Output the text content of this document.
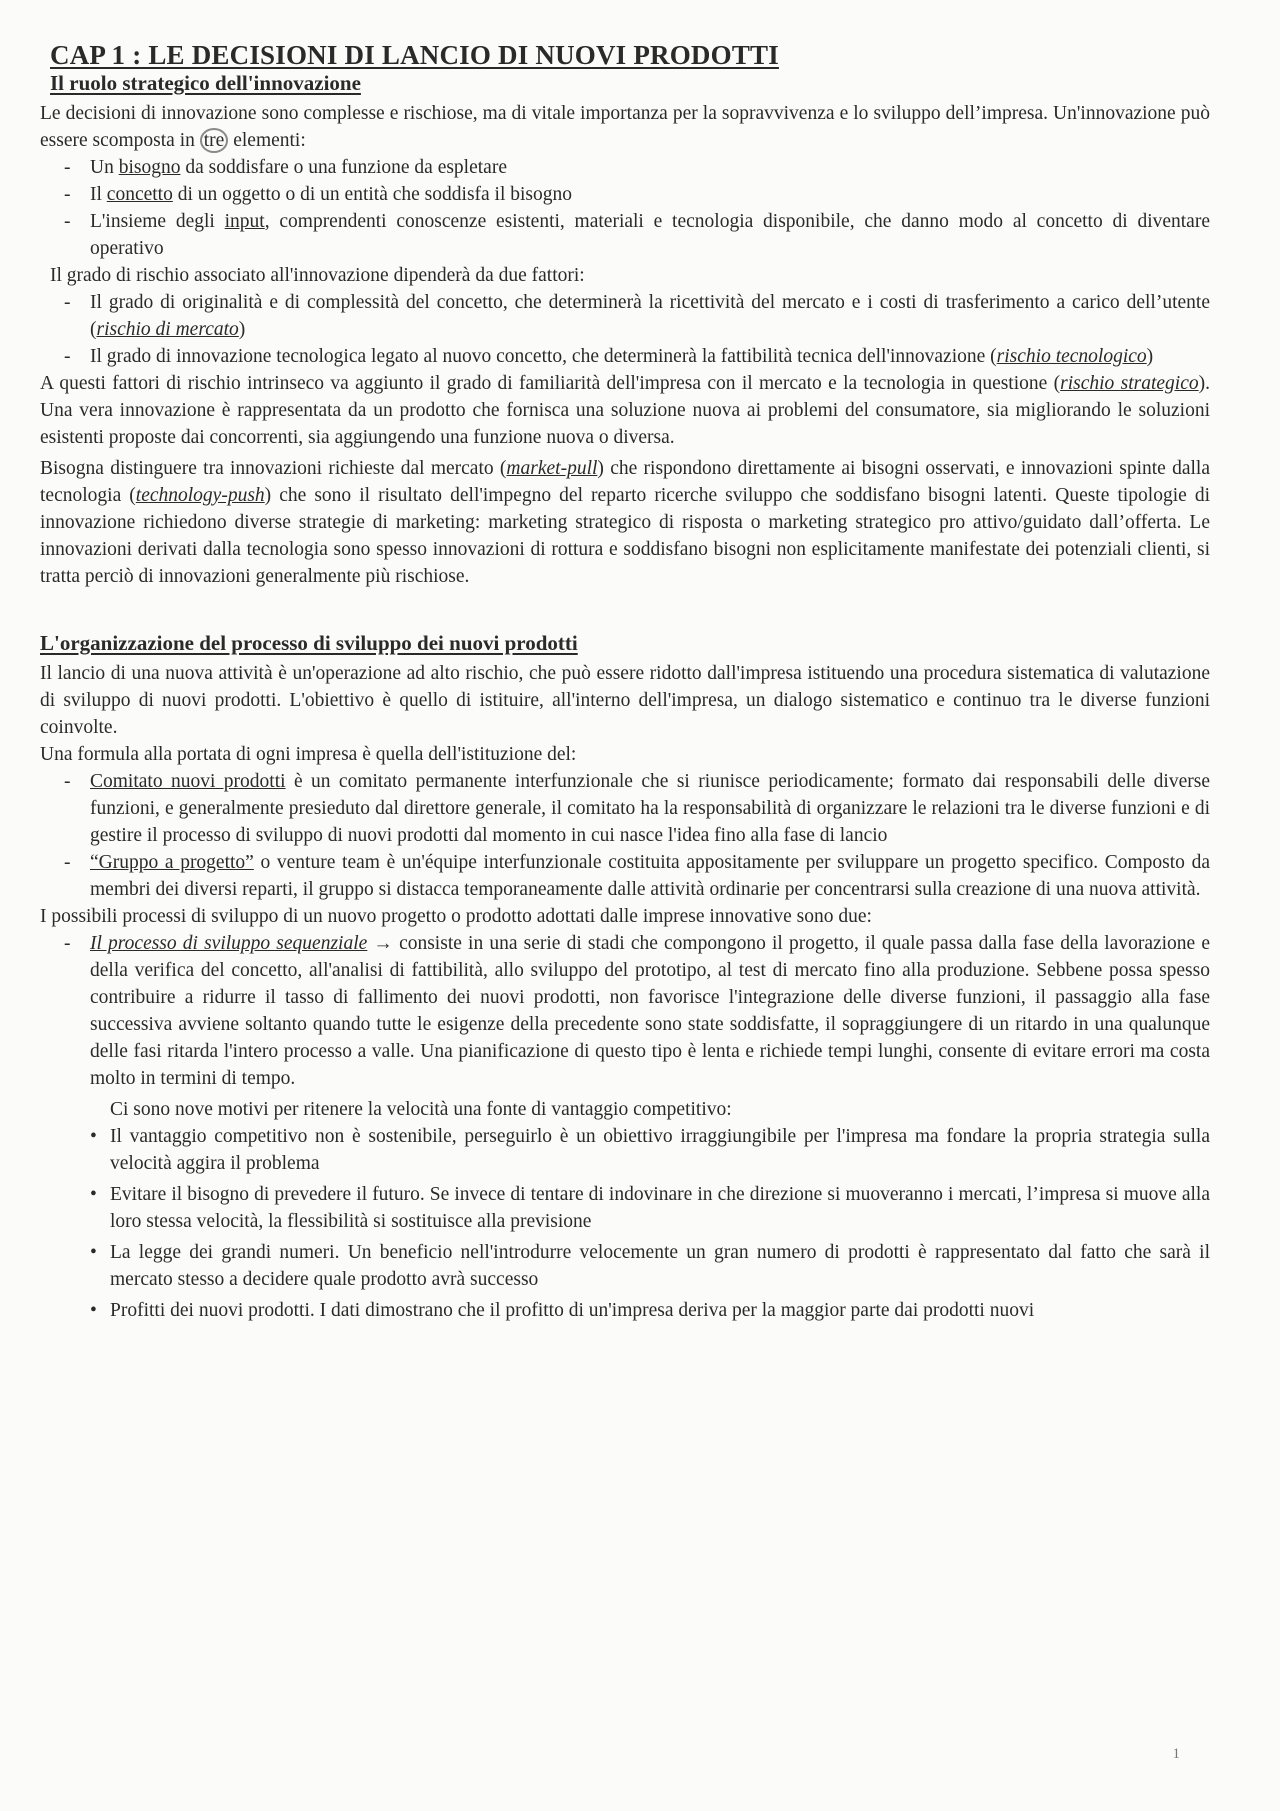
CAP 1 : LE DECISIONI DI LANCIO DI NUOVI PRODOTTI
Il ruolo strategico dell'innovazione

Le decisioni di innovazione sono complesse e rischiose, ma di vitale importanza per la sopravvivenza e lo sviluppo dell’impresa. Un'innovazione può essere scomposta in tre elementi:

- Un bisogno da soddisfare o una funzione da espletare
- Il concetto di un oggetto o di un entità che soddisfa il bisogno
- L'insieme degli input, comprendenti conoscenze esistenti, materiali e tecnologia disponibile, che danno modo al concetto di diventare operativo

Il grado di rischio associato all'innovazione dipenderà da due fattori:

- Il grado di originalità e di complessità del concetto, che determinerà la ricettività del mercato e i costi di trasferimento a carico dell’utente (rischio di mercato)
- Il grado di innovazione tecnologica legato al nuovo concetto, che determinerà la fattibilità tecnica dell'innovazione (rischio tecnologico)

A questi fattori di rischio intrinseco va aggiunto il grado di familiarità dell'impresa con il mercato e la tecnologia in questione (rischio strategico). Una vera innovazione è rappresentata da un prodotto che fornisca una soluzione nuova ai problemi del consumatore, sia migliorando le soluzioni esistenti proposte dai concorrenti, sia aggiungendo una funzione nuova o diversa.

Bisogna distinguere tra innovazioni richieste dal mercato (market-pull) che rispondono direttamente ai bisogni osservati, e innovazioni spinte dalla tecnologia (technology-push) che sono il risultato dell'impegno del reparto ricerche sviluppo che soddisfano bisogni latenti. Queste tipologie di innovazione richiedono diverse strategie di marketing: marketing strategico di risposta o marketing strategico pro attivo/guidato dall’offerta. Le innovazioni derivati dalla tecnologia sono spesso innovazioni di rottura e soddisfano bisogni non esplicitamente manifestate dei potenziali clienti, si tratta perciò di innovazioni generalmente più rischiose.

L'organizzazione del processo di sviluppo dei nuovi prodotti

Il lancio di una nuova attività è un'operazione ad alto rischio, che può essere ridotto dall'impresa istituendo una procedura sistematica di valutazione di sviluppo di nuovi prodotti. L'obiettivo è quello di istituire, all'interno dell'impresa, un dialogo sistematico e continuo tra le diverse funzioni coinvolte.

Una formula alla portata di ogni impresa è quella dell'istituzione del:

- Comitato nuovi prodotti è un comitato permanente interfunzionale che si riunisce periodicamente; formato dai responsabili delle diverse funzioni, e generalmente presieduto dal direttore generale, il comitato ha la responsabilità di organizzare le relazioni tra le diverse funzioni e di gestire il processo di sviluppo di nuovi prodotti dal momento in cui nasce l'idea fino alla fase di lancio
- “Gruppo a progetto” o venture team è un'équipe interfunzionale costituita appositamente per sviluppare un progetto specifico. Composto da membri dei diversi reparti, il gruppo si distacca temporaneamente dalle attività ordinarie per concentrarsi sulla creazione di una nuova attività.

I possibili processi di sviluppo di un nuovo progetto o prodotto adottati dalle imprese innovative sono due:

- Il processo di sviluppo sequenziale → consiste in una serie di stadi che compongono il progetto, il quale passa dalla fase della lavorazione e della verifica del concetto, all'analisi di fattibilità, allo sviluppo del prototipo, al test di mercato fino alla produzione. Sebbene possa spesso contribuire a ridurre il tasso di fallimento dei nuovi prodotti, non favorisce l'integrazione delle diverse funzioni, il passaggio alla fase successiva avviene soltanto quando tutte le esigenze della precedente sono state soddisfatte, il sopraggiungere di un ritardo in una qualunque delle fasi ritarda l'intero processo a valle. Una pianificazione di questo tipo è lenta e richiede tempi lunghi, consente di evitare errori ma costa molto in termini di tempo.

Ci sono nove motivi per ritenere la velocità una fonte di vantaggio competitivo:

• Il vantaggio competitivo non è sostenibile, perseguirlo è un obiettivo irraggiungibile per l'impresa ma fondare la propria strategia sulla velocità aggira il problema
• Evitare il bisogno di prevedere il futuro. Se invece di tentare di indovinare in che direzione si muoveranno i mercati, l’impresa si muove alla loro stessa velocità, la flessibilità si sostituisce alla previsione
• La legge dei grandi numeri. Un beneficio nell'introdurre velocemente un gran numero di prodotti è rappresentato dal fatto che sarà il mercato stesso a decidere quale prodotto avrà successo
• Profitti dei nuovi prodotti. I dati dimostrano che il profitto di un'impresa deriva per la maggior parte dai prodotti nuovi
1
